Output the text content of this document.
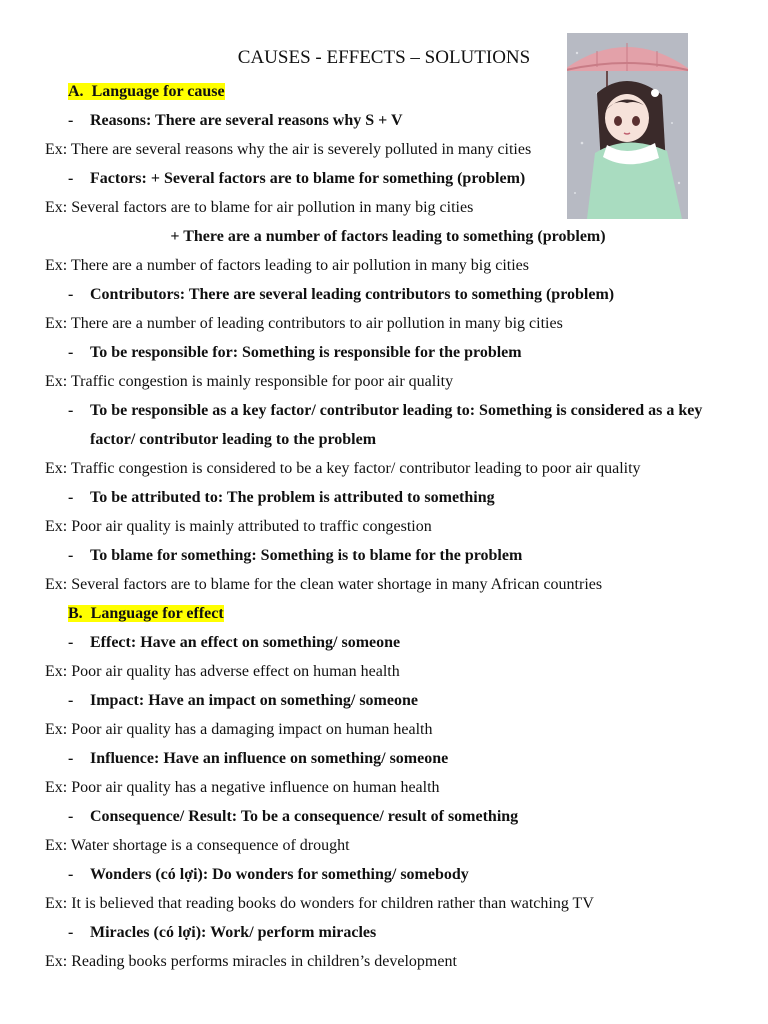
CAUSES - EFFECTS – SOLUTIONS
A. Language for cause
- Reasons: There are several reasons why S + V
Ex: There are several reasons why the air is severely polluted in many cities
- Factors: + Several factors are to blame for something (problem)
Ex: Several factors are to blame for air pollution in many big cities
+ There are a number of factors leading to something (problem)
Ex: There are a number of factors leading to air pollution in many big cities
- Contributors: There are several leading contributors to something (problem)
Ex: There are a number of leading contributors to air pollution in many big cities
- To be responsible for: Something is responsible for the problem
Ex: Traffic congestion is mainly responsible for poor air quality
- To be responsible as a key factor/ contributor leading to: Something is considered as a key
factor/ contributor leading to the problem
Ex: Traffic congestion is considered to be a key factor/ contributor leading to poor air quality
- To be attributed to: The problem is attributed to something
Ex: Poor air quality is mainly attributed to traffic congestion
- To blame for something: Something is to blame for the problem
Ex: Several factors are to blame for the clean water shortage in many African countries
B. Language for effect
- Effect: Have an effect on something/ someone
Ex: Poor air quality has adverse effect on human health
- Impact: Have an impact on something/ someone
Ex: Poor air quality has a damaging impact on human health
- Influence: Have an influence on something/ someone
Ex: Poor air quality has a negative influence on human health
- Consequence/ Result: To be a consequence/ result of something
Ex: Water shortage is a consequence of drought
- Wonders (có lợi): Do wonders for something/ somebody
Ex: It is believed that reading books do wonders for children rather than watching TV
- Miracles (có lợi): Work/ perform miracles
Ex: Reading books performs miracles in children’s development
